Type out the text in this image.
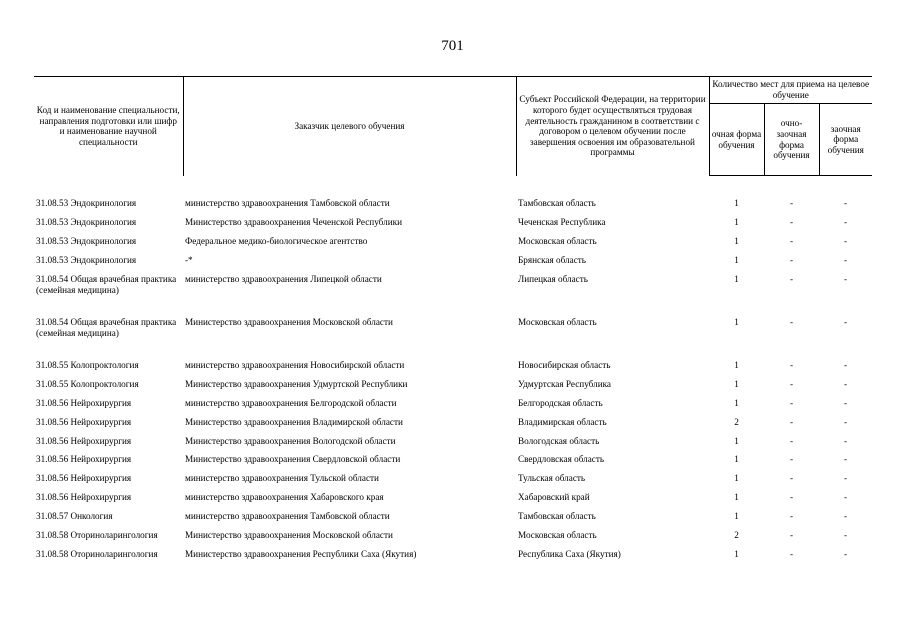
701
Код и наименование специальности, направления подготовки или шифр и наименование научной специальности	Заказчик целевого обучения	Субъект Российской Федерации, на территории которого будет осуществляться трудовая деятельность гражданином в соответствии с договором о целевом обучении после завершения освоения им образовательной программы	Количество мест для приема на целевое обучение		
			очная форма обучения	очно-заочная форма обучения	заочная форма обучения

31.08.53 Эндокринология	министерство здравоохранения Тамбовской области	Тамбовская область	1	-	-
31.08.53 Эндокринология	Министерство здравоохранения Чеченской Республики	Чеченская Республика	1	-	-
31.08.53 Эндокринология	Федеральное медико-биологическое агентство	Московская область	1	-	-
31.08.53 Эндокринология	-*	Брянская область	1	-	-
31.08.54 Общая врачебная практика (семейная медицина)	министерство здравоохранения Липецкой области	Липецкая область	1	-	-
31.08.54 Общая врачебная практика (семейная медицина)	Министерство здравоохранения Московской области	Московская область	1	-	-
31.08.55 Колопроктология	министерство здравоохранения Новосибирской области	Новосибирская область	1	-	-
31.08.55 Колопроктология	Министерство здравоохранения Удмуртской Республики	Удмуртская Республика	1	-	-
31.08.56 Нейрохирургия	министерство здравоохранения Белгородской области	Белгородская область	1	-	-
31.08.56 Нейрохирургия	Министерство здравоохранения Владимирской области	Владимирская область	2	-	-
31.08.56 Нейрохирургия	Министерство здравоохранения Вологодской области	Вологодская область	1	-	-
31.08.56 Нейрохирургия	Министерство здравоохранения Свердловской области	Свердловская область	1	-	-
31.08.56 Нейрохирургия	министерство здравоохранения Тульской области	Тульская область	1	-	-
31.08.56 Нейрохирургия	министерство здравоохранения Хабаровского края	Хабаровский край	1	-	-
31.08.57 Онкология	министерство здравоохранения Тамбовской области	Тамбовская область	1	-	-
31.08.58 Оториноларингология	Министерство здравоохранения Московской области	Московская область	2	-	-
31.08.58 Оториноларингология	Министерство здравоохранения Республики Саха (Якутия)	Республика Саха (Якутия)	1	-	-
